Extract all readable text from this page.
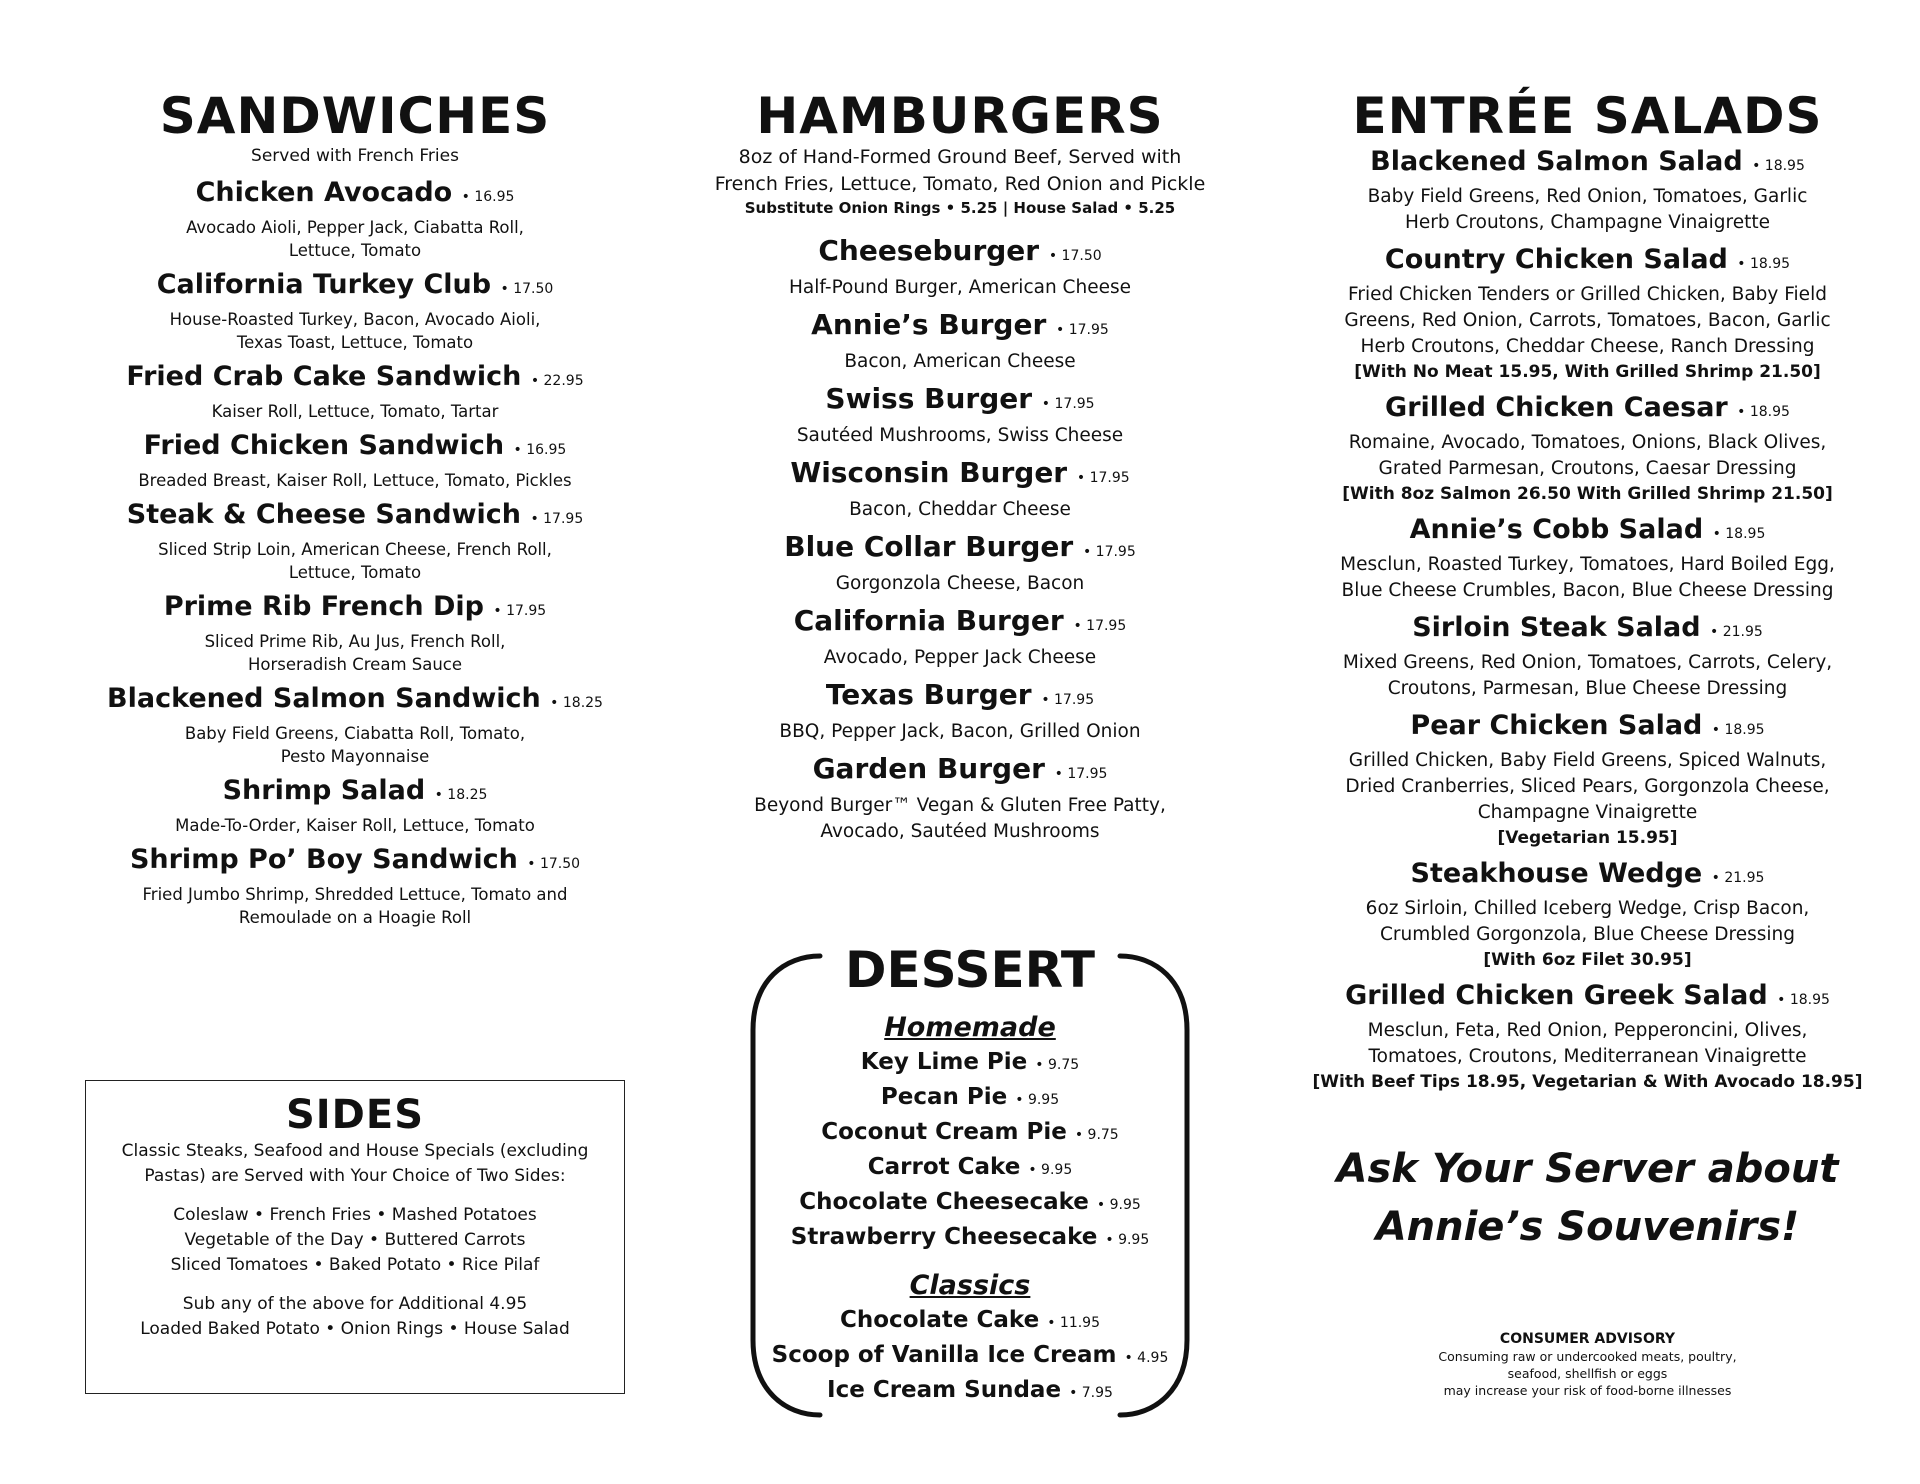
SANDWICHES

Served with French Fries

Chicken Avocado • 16.95

Avocado Aioli, Pepper Jack, Ciabatta Roll,
Lettuce, Tomato

California Turkey Club • 17.50

House-Roasted Turkey, Bacon, Avocado Aioli,
Texas Toast, Lettuce, Tomato

Fried Crab Cake Sandwich • 22.95

Kaiser Roll, Lettuce, Tomato, Tartar

Fried Chicken Sandwich • 16.95

Breaded Breast, Kaiser Roll, Lettuce, Tomato, Pickles

Steak & Cheese Sandwich • 17.95

Sliced Strip Loin, American Cheese, French Roll,
Lettuce, Tomato

Prime Rib French Dip • 17.95

Sliced Prime Rib, Au Jus, French Roll,
Horseradish Cream Sauce

Blackened Salmon Sandwich • 18.25

Baby Field Greens, Ciabatta Roll, Tomato,
Pesto Mayonnaise

Shrimp Salad • 18.25

Made-To-Order, Kaiser Roll, Lettuce, Tomato

Shrimp Po’ Boy Sandwich • 17.50

Fried Jumbo Shrimp, Shredded Lettuce, Tomato and
Remoulade on a Hoagie Roll

HAMBURGERS

8oz of Hand-Formed Ground Beef, Served with
French Fries, Lettuce, Tomato, Red Onion and Pickle

Substitute Onion Rings • 5.25 | House Salad • 5.25

Cheeseburger • 17.50

Half-Pound Burger, American Cheese

Annie’s Burger • 17.95

Bacon, American Cheese

Swiss Burger • 17.95

Sautéed Mushrooms, Swiss Cheese

Wisconsin Burger • 17.95

Bacon, Cheddar Cheese

Blue Collar Burger • 17.95

Gorgonzola Cheese, Bacon

California Burger • 17.95

Avocado, Pepper Jack Cheese

Texas Burger • 17.95

BBQ, Pepper Jack, Bacon, Grilled Onion

Garden Burger • 17.95

Beyond Burger™ Vegan & Gluten Free Patty,
Avocado, Sautéed Mushrooms

ENTRÉE SALADS
Blackened Salmon Salad • 18.95

Baby Field Greens, Red Onion, Tomatoes, Garlic
Herb Croutons, Champagne Vinaigrette

Country Chicken Salad • 18.95

Fried Chicken Tenders or Grilled Chicken, Baby Field
Greens, Red Onion, Carrots, Tomatoes, Bacon, Garlic
Herb Croutons, Cheddar Cheese, Ranch Dressing

[With No Meat 15.95, With Grilled Shrimp 21.50]

Grilled Chicken Caesar • 18.95

Romaine, Avocado, Tomatoes, Onions, Black Olives,
Grated Parmesan, Croutons, Caesar Dressing

[With 8oz Salmon 26.50 With Grilled Shrimp 21.50]

Annie’s Cobb Salad • 18.95

Mesclun, Roasted Turkey, Tomatoes, Hard Boiled Egg,
Blue Cheese Crumbles, Bacon, Blue Cheese Dressing

Sirloin Steak Salad • 21.95

Mixed Greens, Red Onion, Tomatoes, Carrots, Celery,
Croutons, Parmesan, Blue Cheese Dressing

Pear Chicken Salad • 18.95

Grilled Chicken, Baby Field Greens, Spiced Walnuts,
Dried Cranberries, Sliced Pears, Gorgonzola Cheese,
Champagne Vinaigrette

[Vegetarian 15.95]

Steakhouse Wedge • 21.95

6oz Sirloin, Chilled Iceberg Wedge, Crisp Bacon,
Crumbled Gorgonzola, Blue Cheese Dressing

[With 6oz Filet 30.95]

Grilled Chicken Greek Salad • 18.95

Mesclun, Feta, Red Onion, Pepperoncini, Olives,
Tomatoes, Croutons, Mediterranean Vinaigrette

[With Beef Tips 18.95, Vegetarian & With Avocado 18.95]

SIDES

Classic Steaks, Seafood and House Specials (excluding
Pastas) are Served with Your Choice of Two Sides:

Coleslaw • French Fries • Mashed Potatoes
Vegetable of the Day • Buttered Carrots
Sliced Tomatoes • Baked Potato • Rice Pilaf

Sub any of the above for Additional 4.95
Loaded Baked Potato • Onion Rings • House Salad

DESSERT

Homemade

Key Lime Pie • 9.75

Pecan Pie • 9.95

Coconut Cream Pie • 9.75

Carrot Cake • 9.95

Chocolate Cheesecake • 9.95

Strawberry Cheesecake • 9.95

Classics

Chocolate Cake • 11.95

Scoop of Vanilla Ice Cream • 4.95

Ice Cream Sundae • 7.95

Ask Your Server about
Annie’s Souvenirs!

CONSUMER ADVISORY

Consuming raw or undercooked meats, poultry,
seafood, shellfish or eggs
may increase your risk of food-borne illnesses
